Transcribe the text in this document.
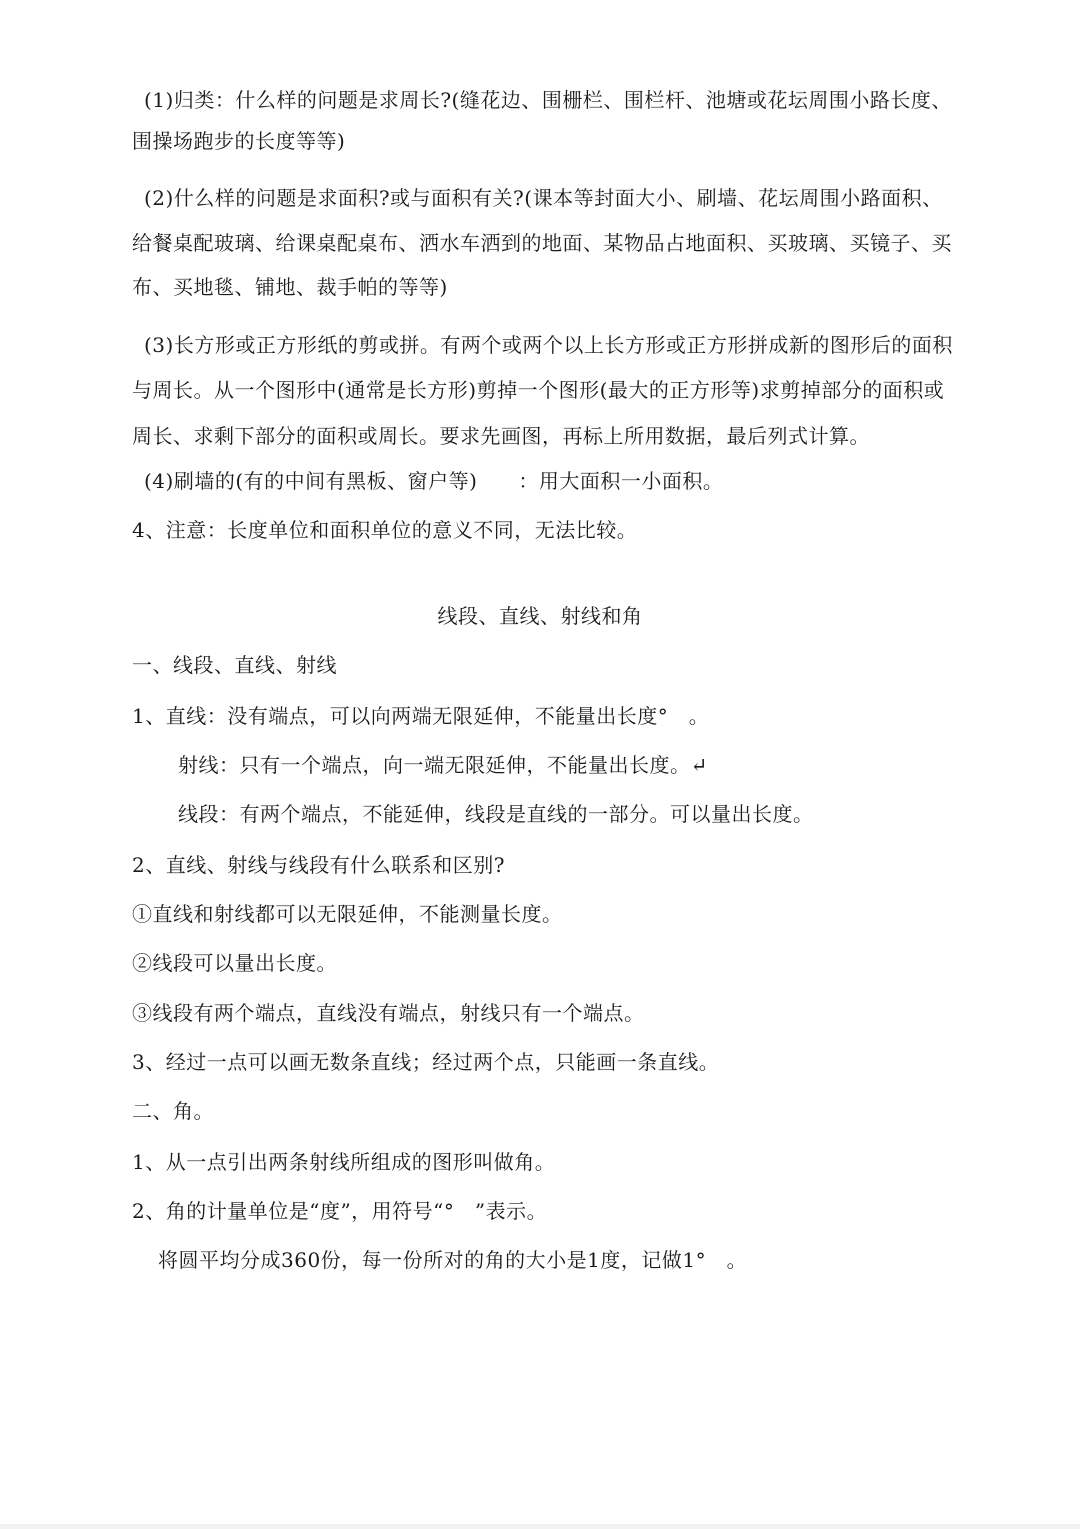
(1)归类：什么样的问题是求周长?(缝花边、围栅栏、围栏杆、池塘或花坛周围小路长度、
围操场跑步的长度等等)
(2)什么样的问题是求面积?或与面积有关?(课本等封面大小、刷墙、花坛周围小路面积、
给餐桌配玻璃、给课桌配桌布、洒水车洒到的地面、某物品占地面积、买玻璃、买镜子、买
布、买地毯、铺地、裁手帕的等等)
(3)长方形或正方形纸的剪或拼。有两个或两个以上长方形或正方形拼成新的图形后的面积
与周长。从一个图形中(通常是长方形)剪掉一个图形(最大的正方形等)求剪掉部分的面积或
周长、求剩下部分的面积或周长。要求先画图，再标上所用数据，最后列式计算。
(4)刷墙的(有的中间有黑板、窗户等)　　：用大面积一小面积。
4、注意：长度单位和面积单位的意义不同，无法比较。
线段、直线、射线和角
一、线段、直线、射线
1、直线：没有端点，可以向两端无限延伸，不能量出长度°　。
射线：只有一个端点，向一端无限延伸，不能量出长度。↵
线段：有两个端点，不能延伸，线段是直线的一部分。可以量出长度。
2、直线、射线与线段有什么联系和区别?
①直线和射线都可以无限延伸，不能测量长度。
②线段可以量出长度。
③线段有两个端点，直线没有端点，射线只有一个端点。
3、经过一点可以画无数条直线；经过两个点，只能画一条直线。
二、角。
1、从一点引出两条射线所组成的图形叫做角。
2、角的计量单位是“度”，用符号“°　”表示。
将圆平均分成360份，每一份所对的角的大小是1度，记做1°　。
